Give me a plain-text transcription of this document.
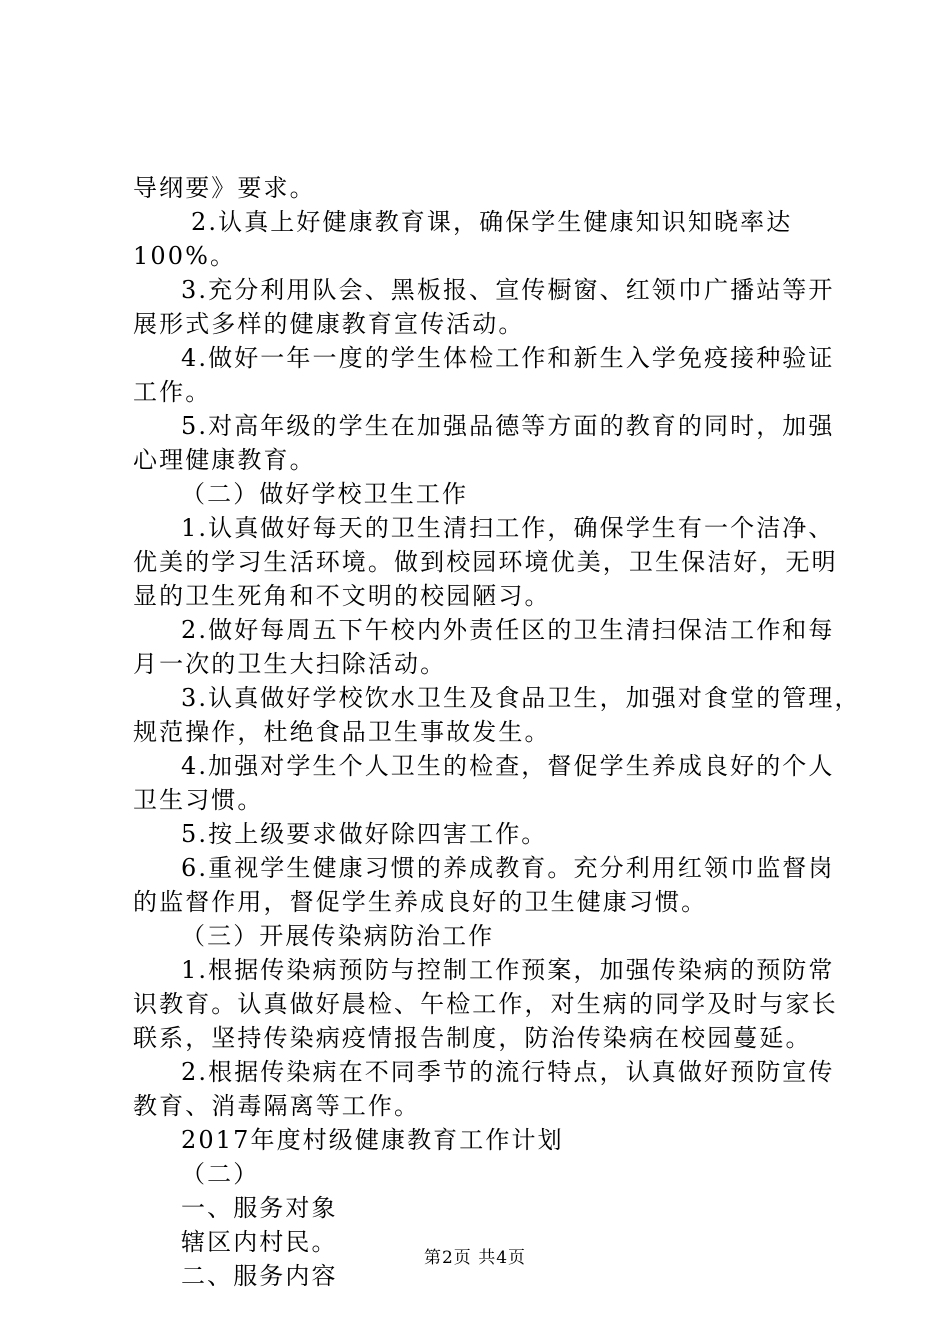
导纲要》要求。

2.认真上好健康教育课，确保学生健康知识知晓率达

100%。

3.充分利用队会、黑板报、宣传橱窗、红领巾广播站等开

展形式多样的健康教育宣传活动。

4.做好一年一度的学生体检工作和新生入学免疫接种验证

工作。

5.对高年级的学生在加强品德等方面的教育的同时，加强

心理健康教育。

（二）做好学校卫生工作

1.认真做好每天的卫生清扫工作，确保学生有一个洁净、

优美的学习生活环境。做到校园环境优美，卫生保洁好，无明

显的卫生死角和不文明的校园陋习。

2.做好每周五下午校内外责任区的卫生清扫保洁工作和每

月一次的卫生大扫除活动。

3.认真做好学校饮水卫生及食品卫生，加强对食堂的管理，

规范操作，杜绝食品卫生事故发生。

4.加强对学生个人卫生的检查，督促学生养成良好的个人

卫生习惯。

5.按上级要求做好除四害工作。

6.重视学生健康习惯的养成教育。充分利用红领巾监督岗

的监督作用，督促学生养成良好的卫生健康习惯。

（三）开展传染病防治工作

1.根据传染病预防与控制工作预案，加强传染病的预防常

识教育。认真做好晨检、午检工作，对生病的同学及时与家长

联系，坚持传染病疫情报告制度，防治传染病在校园蔓延。

2.根据传染病在不同季节的流行特点，认真做好预防宣传

教育、消毒隔离等工作。

2017年度村级健康教育工作计划

（二）

一、服务对象

辖区内村民。

二、服务内容

第2页 共4页
